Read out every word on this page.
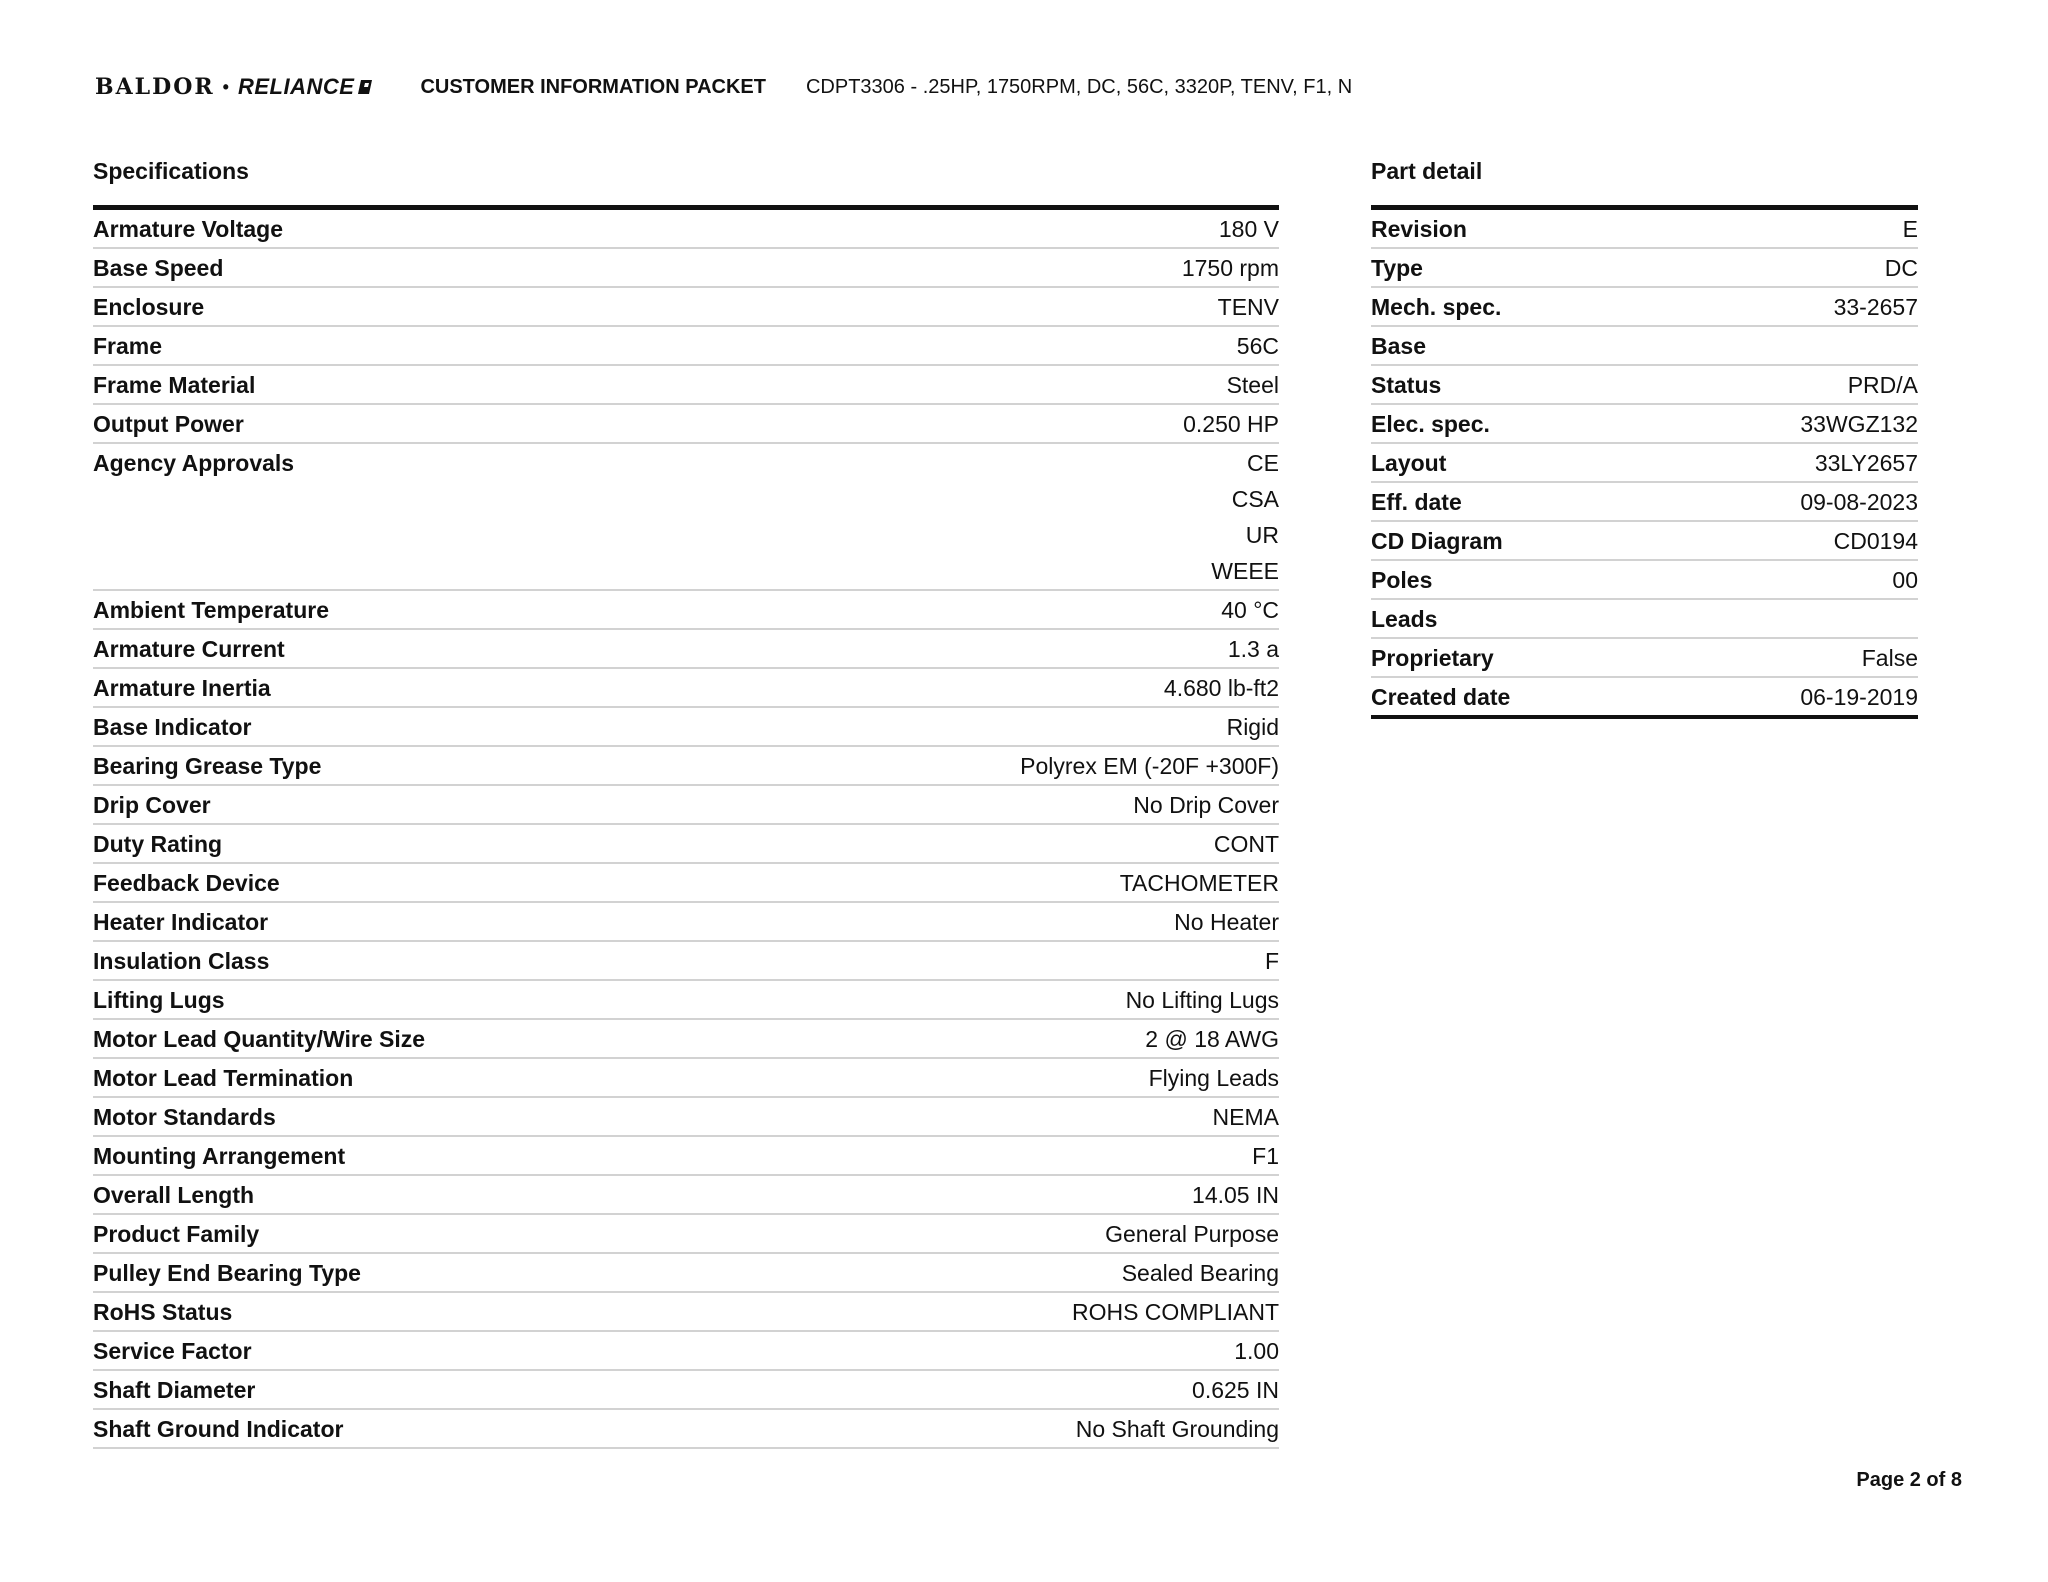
BALDOR • RELIANCE	CUSTOMER INFORMATION PACKET CDPT3306 - .25HP, 1750RPM, DC, 56C, 3320P, TENV, F1, N
Specifications
Armature Voltage	180 V
Base Speed	1750 rpm
Enclosure	TENV
Frame	56C
Frame Material	Steel
Output Power	0.250 HP
Agency Approvals	CE
CSA
UR
WEEE
Ambient Temperature	40 °C
Armature Current	1.3 a
Armature Inertia	4.680 lb-ft2
Base Indicator	Rigid
Bearing Grease Type	Polyrex EM (-20F +300F)
Drip Cover	No Drip Cover
Duty Rating	CONT
Feedback Device	TACHOMETER
Heater Indicator	No Heater
Insulation Class	F
Lifting Lugs	No Lifting Lugs
Motor Lead Quantity/Wire Size	2 @ 18 AWG
Motor Lead Termination	Flying Leads
Motor Standards	NEMA
Mounting Arrangement	F1
Overall Length	14.05 IN
Product Family	General Purpose
Pulley End Bearing Type	Sealed Bearing
RoHS Status	ROHS COMPLIANT
Service Factor	1.00
Shaft Diameter	0.625 IN
Shaft Ground Indicator	No Shaft Grounding
Part detail
Revision	E
Type	DC
Mech. spec.	33-2657
Base
Status	PRD/A
Elec. spec.	33WGZ132
Layout	33LY2657
Eff. date	09-08-2023
CD Diagram	CD0194
Poles	00
Leads
Proprietary	False
Created date	06-19-2019
Page 2 of 8
